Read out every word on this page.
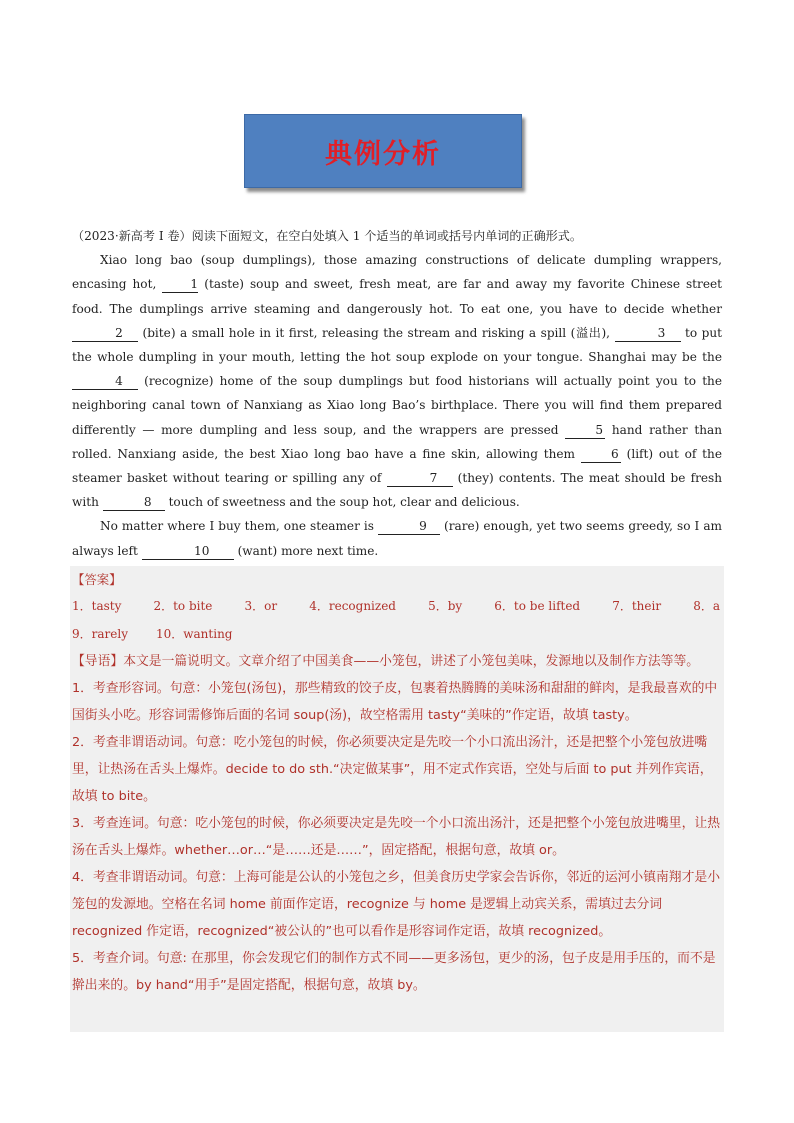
典例分析

（2023·新高考 I 卷）阅读下面短文，在空白处填入 1 个适当的单词或括号内单词的正确形式。

Xiao long bao (soup dumplings), those amazing constructions of delicate dumpling wrappers, encasing hot, 1 (taste) soup and sweet, fresh meat, are far and away my favorite Chinese street food. The dumplings arrive steaming and dangerously hot. To eat one, you have to decide whether 2 (bite) a small hole in it first, releasing the stream and risking a spill (溢出),	3 to put the whole dumpling in your mouth, letting the hot soup explode on your tongue. Shanghai may be the 4 (recognize) home of the soup dumplings but food historians will actually point you to the neighboring canal town of Nanxiang as Xiao long Bao’s birthplace. There you will find them prepared differently — more dumpling and less soup, and the wrappers are pressed 5 hand rather than rolled. Nanxiang aside, the best Xiao long bao have a fine skin, allowing them 6 (lift) out of the steamer basket without tearing or spilling any of	7 (they) contents. The meat should be fresh with	8 touch of sweetness and the soup hot, clear and delicious.

No matter where I buy them, one steamer is	9 (rare) enough, yet two seems greedy, so I am always left	10 (want) more next time.

【答案】

1．tasty	2．to bite	3．or	4．recognized	5．by	6．to be lifted	7．their	8．a
9．rarely 10．wanting

【导语】本文是一篇说明文。文章介绍了中国美食——小笼包，讲述了小笼包美味，发源地以及制作方法等等。

1．考查形容词。句意：小笼包(汤包)，那些精致的饺子皮，包裹着热腾腾的美味汤和甜甜的鲜肉，是我最喜欢的中国街头小吃。形容词需修饰后面的名词 soup(汤)，故空格需用 tasty“美味的”作定语，故填 tasty。

2．考查非谓语动词。句意：吃小笼包的时候，你必须要决定是先咬一个小口流出汤汁，还是把整个小笼包放进嘴里，让热汤在舌头上爆炸。decide to do sth.“决定做某事”，用不定式作宾语，空处与后面 to put 并列作宾语，故填 to bite。

3．考查连词。句意：吃小笼包的时候，你必须要决定是先咬一个小口流出汤汁，还是把整个小笼包放进嘴里，让热汤在舌头上爆炸。whether…or…“是……还是……”，固定搭配，根据句意，故填 or。

4．考查非谓语动词。句意：上海可能是公认的小笼包之乡，但美食历史学家会告诉你，邻近的运河小镇南翔才是小笼包的发源地。空格在名词 home 前面作定语，recognize 与 home 是逻辑上动宾关系，需填过去分词 recognized 作定语，recognized“被公认的”也可以看作是形容词作定语，故填 recognized。

5．考查介词。句意: 在那里，你会发现它们的制作方式不同——更多汤包，更少的汤，包子皮是用手压的，而不是擀出来的。by hand“用手”是固定搭配，根据句意，故填 by。
